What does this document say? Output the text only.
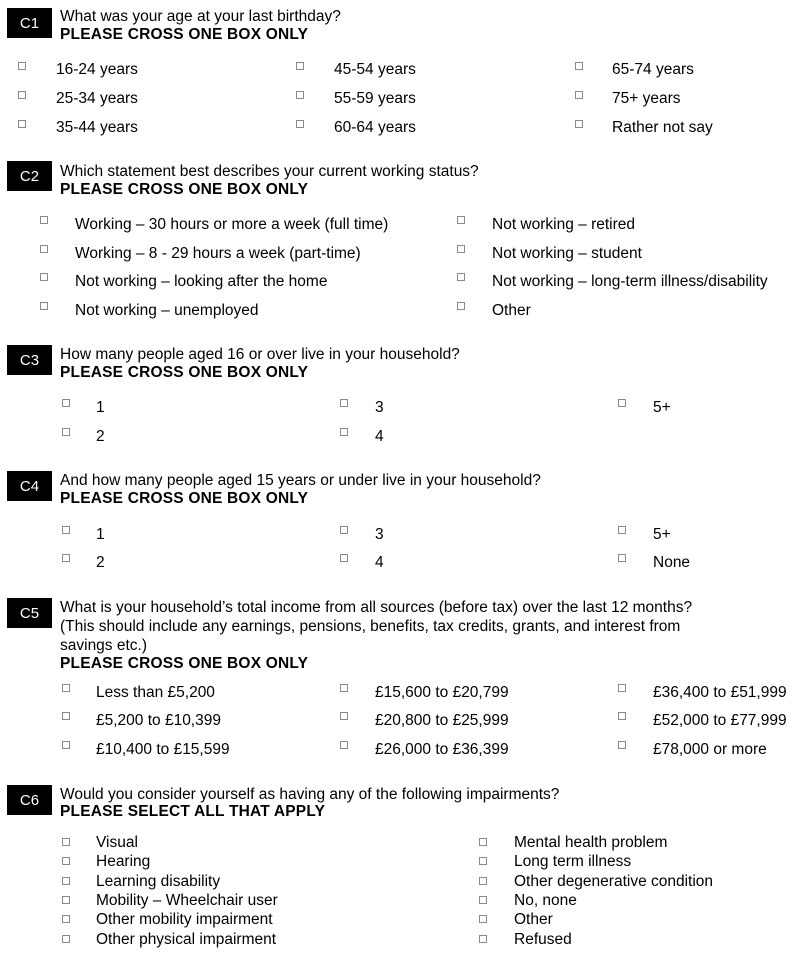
C1	What was your age at your last birthday?
PLEASE CROSS ONE BOX ONLY
16-24 years
25-34 years
35-44 years
45-54 years
55-59 years
60-64 years
65-74 years
75+ years
Rather not say
C2	Which statement best describes your current working status?
PLEASE CROSS ONE BOX ONLY
Working – 30 hours or more a week (full time)
Working – 8 - 29 hours a week (part-time)
Not working – looking after the home
Not working – unemployed
Not working – retired
Not working – student
Not working – long-term illness/disability
Other
C3	How many people aged 16 or over live in your household?
PLEASE CROSS ONE BOX ONLY
1
2
3
4
5+
C4	And how many people aged 15 years or under live in your household?
PLEASE CROSS ONE BOX ONLY
1
2
3
4
5+
None
C5	What is your household’s total income from all sources (before tax) over the last 12 months?
(This should include any earnings, pensions, benefits, tax credits, grants, and interest from
savings etc.)
PLEASE CROSS ONE BOX ONLY
Less than £5,200
£5,200 to £10,399
£10,400 to £15,599
£15,600 to £20,799
£20,800 to £25,999
£26,000 to £36,399
£36,400 to £51,999
£52,000 to £77,999
£78,000 or more
C6	Would you consider yourself as having any of the following impairments?
PLEASE SELECT ALL THAT APPLY
Visual
Hearing
Learning disability
Mobility – Wheelchair user
Other mobility impairment
Other physical impairment
Mental health problem
Long term illness
Other degenerative condition
No, none
Other
Refused
